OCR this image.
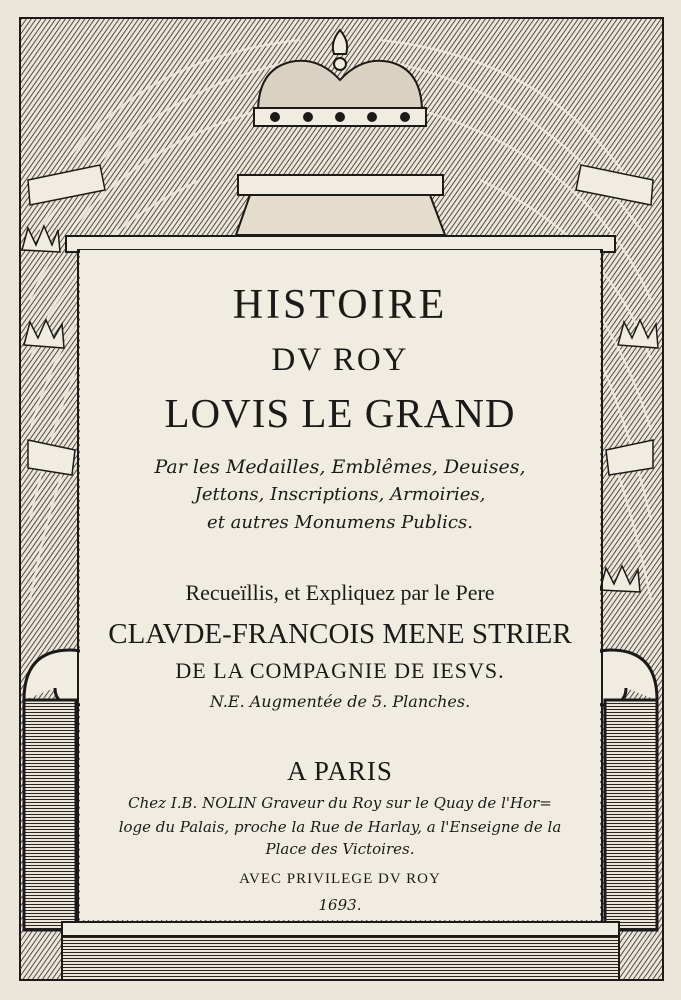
HISTOIRE
DV ROY
LOVIS LE GRAND
Par les Medailles, Emblêmes, Deuises,
Jettons, Inscriptions, Armoiries,
et autres Monumens Publics.
Recueïllis, et Expliquez par le Pere
CLAVDE-FRANCOIS MENE STRIER
DE LA COMPAGNIE DE IESVS.
N.E. Augmentée de 5. Planches.
A PARIS
Chez I.B. NOLIN Graveur du Roy sur le Quay de l'Hor=
loge du Palais, proche la Rue de Harlay, a l'Enseigne de la
Place des Victoires.
AVEC PRIVILEGE DV ROY
1693.
